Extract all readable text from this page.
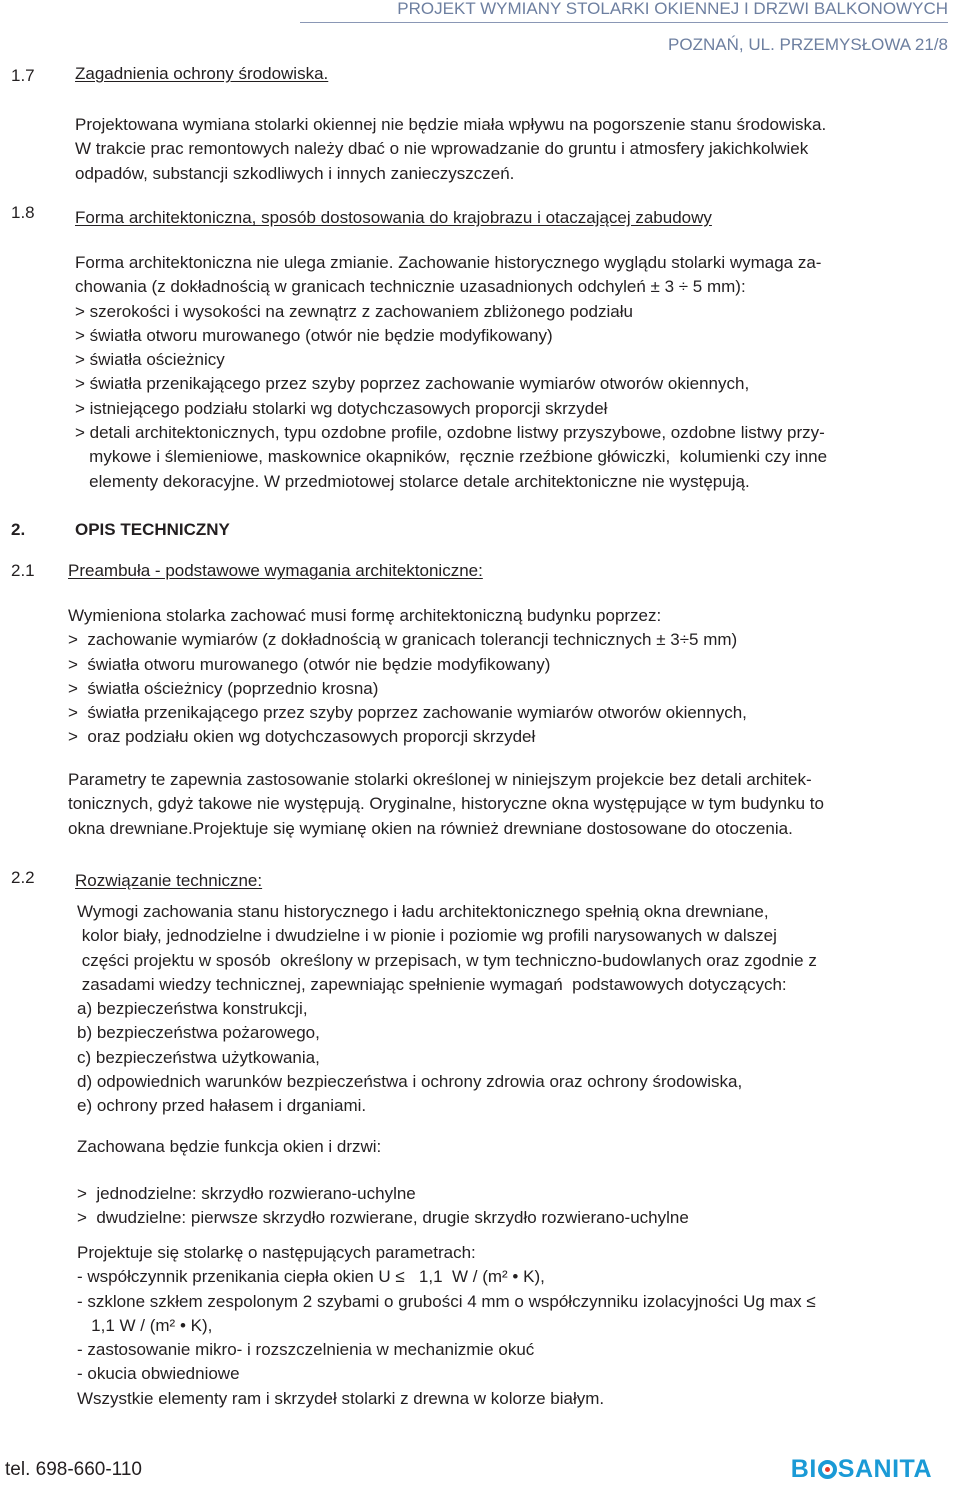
PROJEKT WYMIANY STOLARKI OKIENNEJ I DRZWI BALKONOWYCH
POZNAŃ, UL. PRZEMYSŁOWA 21/8
1.7 Zagadnienia ochrony środowiska.
Projektowana wymiana stolarki okiennej nie będzie miała wpływu na pogorszenie stanu środowiska.
W trakcie prac remontowych należy dbać o nie wprowadzanie do gruntu i atmosfery jakichkolwiek
odpadów, substancji szkodliwych i innych zanieczyszczeń.
1.8 Forma architektoniczna, sposób dostosowania do krajobrazu i otaczającej zabudowy
Forma architektoniczna nie ulega zmianie. Zachowanie historycznego wyglądu stolarki wymaga za-
chowania (z dokładnością w granicach technicznie uzasadnionych odchyleń ± 3 ÷ 5 mm):
> szerokości i wysokości na zewnątrz z zachowaniem zbliżonego podziału
> światła otworu murowanego (otwór nie będzie modyfikowany)
> światła ościeżnicy
> światła przenikającego przez szyby poprzez zachowanie wymiarów otworów okiennych,
> istniejącego podziału stolarki wg dotychczasowych proporcji skrzydeł
> detali architektonicznych, typu ozdobne profile, ozdobne listwy przyszybowe, ozdobne listwy przy-
mykowe i ślemieniowe, maskownice okapników,  ręcznie rzeźbione główiczki,  kolumienki czy inne
elementy dekoracyjne. W przedmiotowej stolarce detale architektoniczne nie występują.
2.	OPIS TECHNICZNY
2.1 Preambuła - podstawowe wymagania architektoniczne:
Wymieniona stolarka zachować musi formę architektoniczną budynku poprzez:
>  zachowanie wymiarów (z dokładnością w granicach tolerancji technicznych ± 3÷5 mm)
>  światła otworu murowanego (otwór nie będzie modyfikowany)
>  światła ościeżnicy (poprzednio krosna)
>  światła przenikającego przez szyby poprzez zachowanie wymiarów otworów okiennych,
>  oraz podziału okien wg dotychczasowych proporcji skrzydeł
Parametry te zapewnia zastosowanie stolarki określonej w niniejszym projekcie bez detali architek-
tonicznych, gdyż takowe nie występują. Oryginalne, historyczne okna występujące w tym budynku to
okna drewniane.Projektuje się wymianę okien na również drewniane dostosowane do otoczenia.
2.2 Rozwiązanie techniczne:
Wymogi zachowania stanu historycznego i ładu architektonicznego spełnią okna drewniane,
kolor biały, jednodzielne i dwudzielne i w pionie i poziomie wg profili narysowanych w dalszej
części projektu w sposób  określony w przepisach, w tym techniczno-budowlanych oraz zgodnie z
zasadami wiedzy technicznej, zapewniając spełnienie wymagań  podstawowych dotyczących:
a) bezpieczeństwa konstrukcji,
b) bezpieczeństwa pożarowego,
c) bezpieczeństwa użytkowania,
d) odpowiednich warunków bezpieczeństwa i ochrony zdrowia oraz ochrony środowiska,
e) ochrony przed hałasem i drganiami.
Zachowana będzie funkcja okien i drzwi:
>  jednodzielne: skrzydło rozwierano-uchylne
>  dwudzielne: pierwsze skrzydło rozwierane, drugie skrzydło rozwierano-uchylne
Projektuje się stolarkę o następujących parametrach:
- współczynnik przenikania ciepła okien U ≤   1,1  W / (m² • K),
- szklone szkłem zespolonym 2 szybami o grubości 4 mm o współczynniku izolacyjności Ug max ≤
1,1 W / (m² • K),
- zastosowanie mikro- i rozszczelnienia w mechanizmie okuć
- okucia obwiedniowe
Wszystkie elementy ram i skrzydeł stolarki z drewna w kolorze białym.
tel. 698-660-110	BI SANITA
